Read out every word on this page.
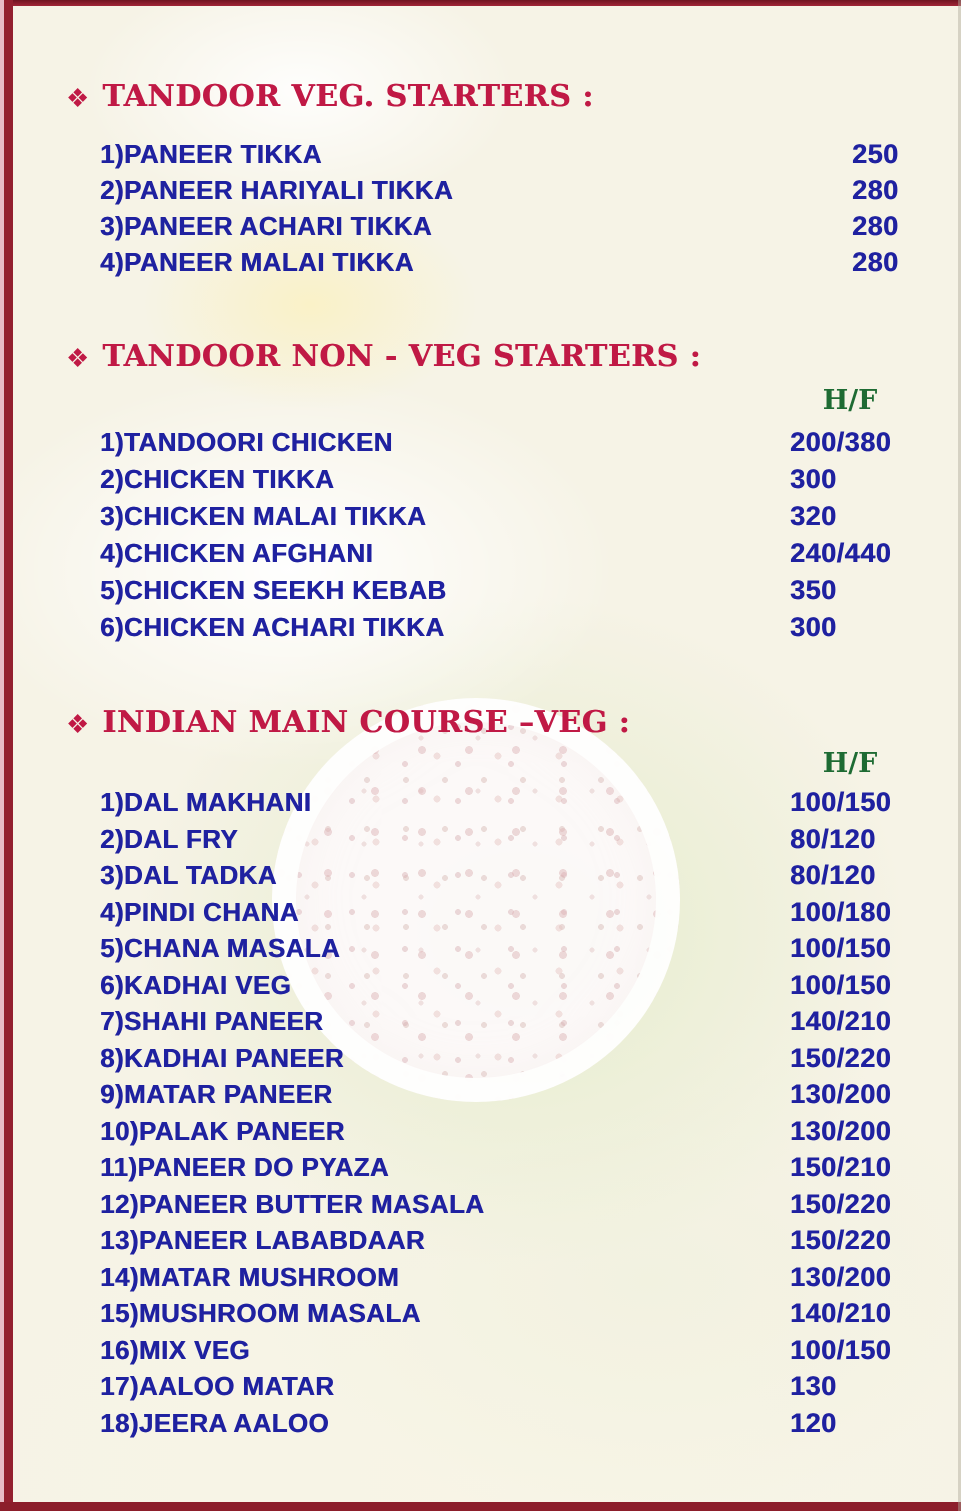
❖ TANDOOR VEG. STARTERS :
1)PANEER TIKKA	250
2)PANEER HARIYALI TIKKA	280
3)PANEER ACHARI TIKKA	280
4)PANEER MALAI TIKKA	280
❖ TANDOOR NON - VEG STARTERS :
H/F
1)TANDOORI CHICKEN	200/380
2)CHICKEN TIKKA	300
3)CHICKEN MALAI TIKKA	320
4)CHICKEN AFGHANI	240/440
5)CHICKEN SEEKH KEBAB	350
6)CHICKEN ACHARI TIKKA	300
❖ INDIAN MAIN COURSE –VEG :
H/F
1)DAL MAKHANI	100/150
2)DAL FRY	80/120
3)DAL TADKA	80/120
4)PINDI CHANA	100/180
5)CHANA MASALA	100/150
6)KADHAI VEG	100/150
7)SHAHI PANEER	140/210
8)KADHAI PANEER	150/220
9)MATAR PANEER	130/200
10)PALAK PANEER	130/200
11)PANEER DO PYAZA	150/210
12)PANEER BUTTER MASALA	150/220
13)PANEER LABABDAAR	150/220
14)MATAR MUSHROOM	130/200
15)MUSHROOM MASALA	140/210
16)MIX VEG	100/150
17)AALOO MATAR	130
18)JEERA AALOO	120
